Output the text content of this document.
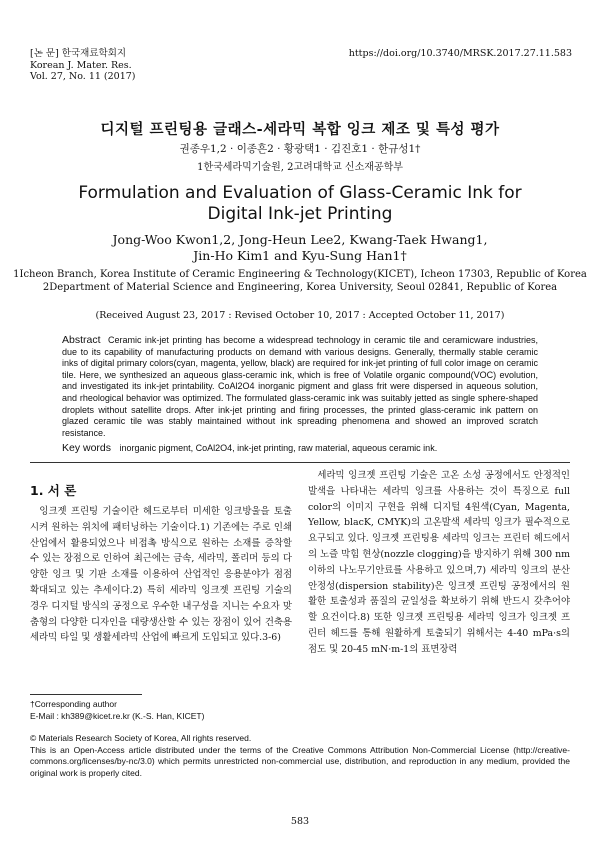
[논 문] 한국재료학회지
Korean J. Mater. Res.
Vol. 27, No. 11 (2017)
https://doi.org/10.3740/MRSK.2017.27.11.583
디지털 프린팅용 글래스-세라믹 복합 잉크 제조 및 특성 평가
권종우1,2 · 이종흔2 · 황광택1 · 김진호1 · 한규성1†
1한국세라믹기술원, 2고려대학교 신소재공학부
Formulation and Evaluation of Glass-Ceramic Ink for
Digital Ink-jet Printing
Jong-Woo Kwon1,2, Jong-Heun Lee2, Kwang-Taek Hwang1,
Jin-Ho Kim1 and Kyu-Sung Han1†
1Icheon Branch, Korea Institute of Ceramic Engineering & Technology(KICET), Icheon 17303, Republic of Korea
2Department of Material Science and Engineering, Korea University, Seoul 02841, Republic of Korea
(Received August 23, 2017 : Revised October 10, 2017 : Accepted October 11, 2017)
Abstract Ceramic ink-jet printing has become a widespread technology in ceramic tile and ceramicware industries, due to its capability of manufacturing products on demand with various designs. Generally, thermally stable ceramic inks of digital primary colors(cyan, magenta, yellow, black) are required for ink-jet printing of full color image on ceramic tile. Here, we synthesized an aqueous glass-ceramic ink, which is free of Volatile organic compound(VOC) evolution, and investigated its ink-jet printability. CoAl2O4 inorganic pigment and glass frit were dispersed in aqueous solution, and rheological behavior was optimized. The formulated glass-ceramic ink was suitably jetted as single sphere-shaped droplets without satellite drops. After ink-jet printing and firing processes, the printed glass-ceramic ink pattern on glazed ceramic tile was stably maintained without ink spreading phenomena and showed an improved scratch resistance.
Key words inorganic pigment, CoAl2O4, ink-jet printing, raw material, aqueous ceramic ink.
1. 서 론

잉크젯 프린팅 기술이란 헤드로부터 미세한 잉크방울을 토출시켜 원하는 위치에 패터닝하는 기술이다.1) 기존에는 주로 인쇄산업에서 활용되었으나 비접촉 방식으로 원하는 소재를 증착할 수 있는 장점으로 인하여 최근에는 금속, 세라믹, 폴리머 등의 다양한 잉크 및 기판 소재를 이용하여 산업적인 응용분야가 점점 확대되고 있는 추세이다.2) 특히 세라믹 잉크젯 프린팅 기술의 경우 디지털 방식의 공정으로 우수한 내구성을 지니는 수요자 맞춤형의 다양한 디자인을 대량생산할 수 있는 장점이 있어 건축용 세라믹 타일 및 생활세라믹 산업에 빠르게 도입되고 있다.3-6)

세라믹 잉크젯 프린팅 기술은 고온 소성 공정에서도 안정적인 발색을 나타내는 세라믹 잉크를 사용하는 것이 특징으로 full color의 이미지 구현을 위해 디지털 4원색(Cyan, Magenta, Yellow, blacK, CMYK)의 고온발색 세라믹 잉크가 필수적으로 요구되고 있다. 잉크젯 프린팅용 세라믹 잉크는 프린터 헤드에서의 노즐 막힘 현상(nozzle clogging)을 방지하기 위해 300 nm이하의 나노무기안료를 사용하고 있으며,7) 세라믹 잉크의 분산안정성(dispersion stability)은 잉크젯 프린팅 공정에서의 원활한 토출성과 품질의 균일성을 확보하기 위해 반드시 갖추어야 할 요건이다.8) 또한 잉크젯 프린팅용 세라믹 잉크가 잉크젯 프린터 헤드를 통해 원활하게 토출되기 위해서는 4-40 mPa·s의 점도 및 20-45 mN·m-1의 표면장력

†Corresponding author
E-Mail : kh389@kicet.re.kr (K.-S. Han, KICET)
© Materials Research Society of Korea, All rights reserved.
This is an Open-Access article distributed under the terms of the Creative Commons Attribution Non-Commercial License (http://creative-commons.org/licenses/by-nc/3.0) which permits unrestricted non-commercial use, distribution, and reproduction in any medium, provided the original work is properly cited.
583
